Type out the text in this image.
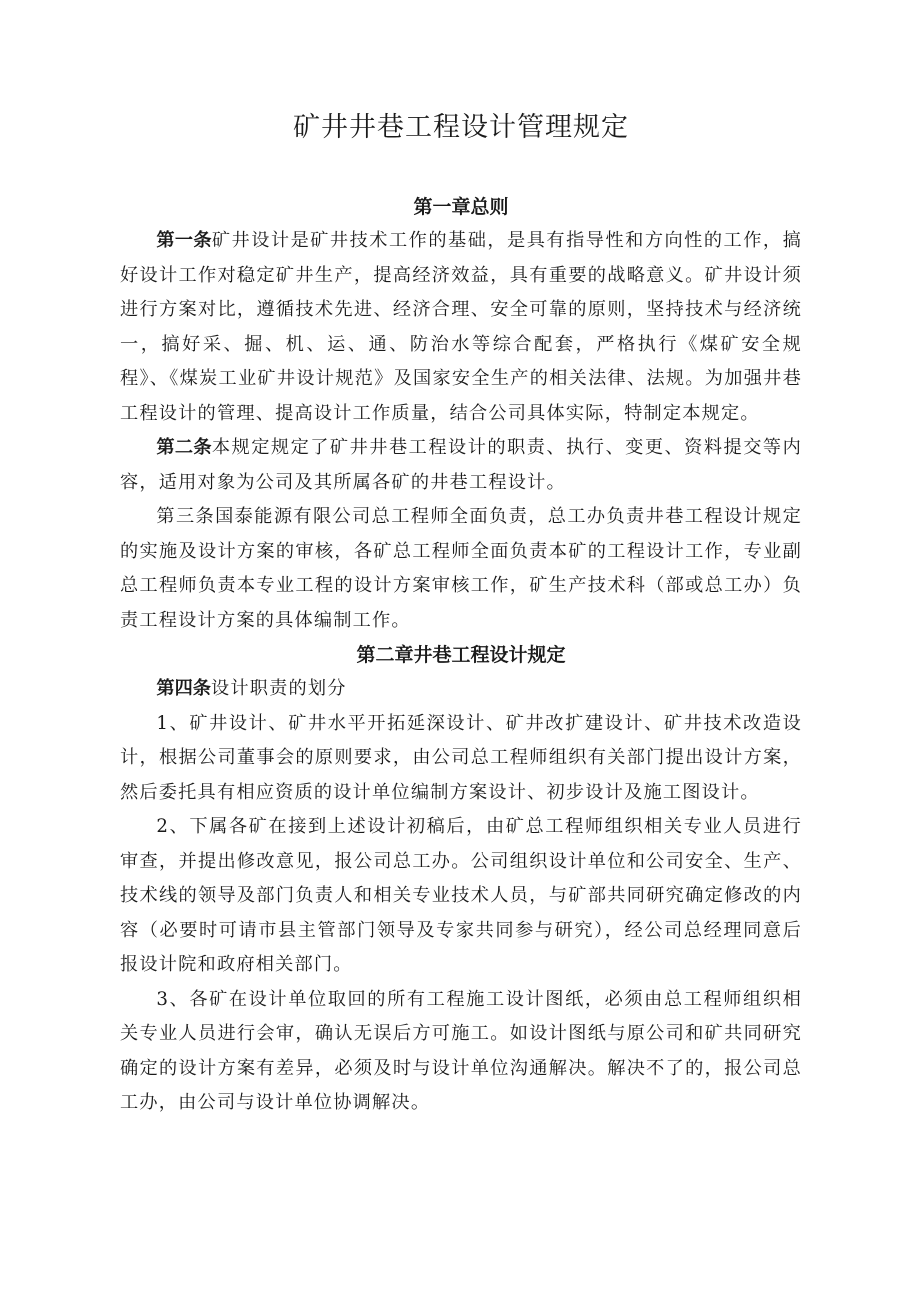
矿井井巷工程设计管理规定
第一章总则

第一条矿井设计是矿井技术工作的基础，是具有指导性和方向性的工作，搞好设计工作对稳定矿井生产，提高经济效益，具有重要的战略意义。矿井设计须进行方案对比，遵循技术先进、经济合理、安全可靠的原则，坚持技术与经济统一，搞好采、掘、机、运、通、防治水等综合配套，严格执行《煤矿安全规程》、《煤炭工业矿井设计规范》及国家安全生产的相关法律、法规。为加强井巷工程设计的管理、提高设计工作质量，结合公司具体实际，特制定本规定。

第二条本规定规定了矿井井巷工程设计的职责、执行、变更、资料提交等内容，适用对象为公司及其所属各矿的井巷工程设计。

第三条国泰能源有限公司总工程师全面负责，总工办负责井巷工程设计规定的实施及设计方案的审核，各矿总工程师全面负责本矿的工程设计工作，专业副总工程师负责本专业工程的设计方案审核工作，矿生产技术科（部或总工办）负责工程设计方案的具体编制工作。

第二章井巷工程设计规定

第四条设计职责的划分

1、矿井设计、矿井水平开拓延深设计、矿井改扩建设计、矿井技术改造设计，根据公司董事会的原则要求，由公司总工程师组织有关部门提出设计方案，然后委托具有相应资质的设计单位编制方案设计、初步设计及施工图设计。

2、下属各矿在接到上述设计初稿后，由矿总工程师组织相关专业人员进行审查，并提出修改意见，报公司总工办。公司组织设计单位和公司安全、生产、技术线的领导及部门负责人和相关专业技术人员，与矿部共同研究确定修改的内容（必要时可请市县主管部门领导及专家共同参与研究），经公司总经理同意后报设计院和政府相关部门。

3、各矿在设计单位取回的所有工程施工设计图纸，必须由总工程师组织相关专业人员进行会审，确认无误后方可施工。如设计图纸与原公司和矿共同研究确定的设计方案有差异，必须及时与设计单位沟通解决。解决不了的，报公司总工办，由公司与设计单位协调解决。
